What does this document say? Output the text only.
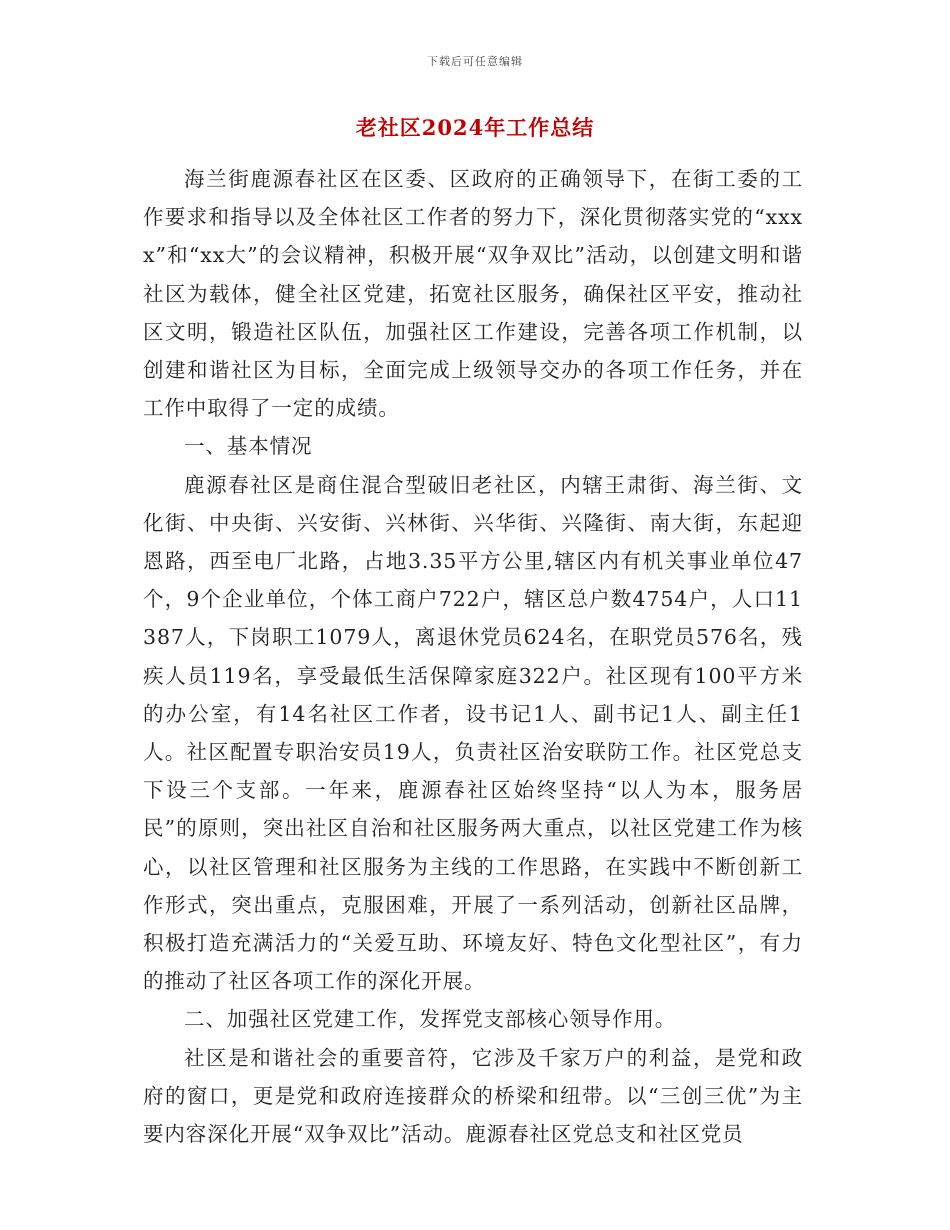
下载后可任意编辑
老社区2024年工作总结

海兰街鹿源春社区在区委、区政府的正确领导下，在街工委的工作要求和指导以及全体社区工作者的努力下，深化贯彻落实党的“xxxx”和“xx大”的会议精神，积极开展“双争双比”活动，以创建文明和谐社区为载体，健全社区党建，拓宽社区服务，确保社区平安，推动社区文明，锻造社区队伍，加强社区工作建设，完善各项工作机制，以创建和谐社区为目标，全面完成上级领导交办的各项工作任务，并在工作中取得了一定的成绩。

一、基本情况

鹿源春社区是商住混合型破旧老社区，内辖王肃街、海兰街、文化街、中央街、兴安街、兴林街、兴华街、兴隆街、南大街，东起迎恩路，西至电厂北路，占地3.35平方公里,辖区内有机关事业单位47个，9个企业单位，个体工商户722户，辖区总户数4754户，人口11387人，下岗职工1079人，离退休党员624名，在职党员576名，残疾人员119名，享受最低生活保障家庭322户。社区现有100平方米的办公室，有14名社区工作者，设书记1人、副书记1人、副主任1人。社区配置专职治安员19人，负责社区治安联防工作。社区党总支下设三个支部。一年来，鹿源春社区始终坚持“以人为本，服务居民”的原则，突出社区自治和社区服务两大重点，以社区党建工作为核心，以社区管理和社区服务为主线的工作思路，在实践中不断创新工作形式，突出重点，克服困难，开展了一系列活动，创新社区品牌，积极打造充满活力的“关爱互助、环境友好、特色文化型社区”，有力的推动了社区各项工作的深化开展。

二、加强社区党建工作，发挥党支部核心领导作用。

社区是和谐社会的重要音符，它涉及千家万户的利益，是党和政府的窗口，更是党和政府连接群众的桥梁和纽带。以“三创三优”为主要内容深化开展“双争双比”活动。鹿源春社区党总支和社区党员
